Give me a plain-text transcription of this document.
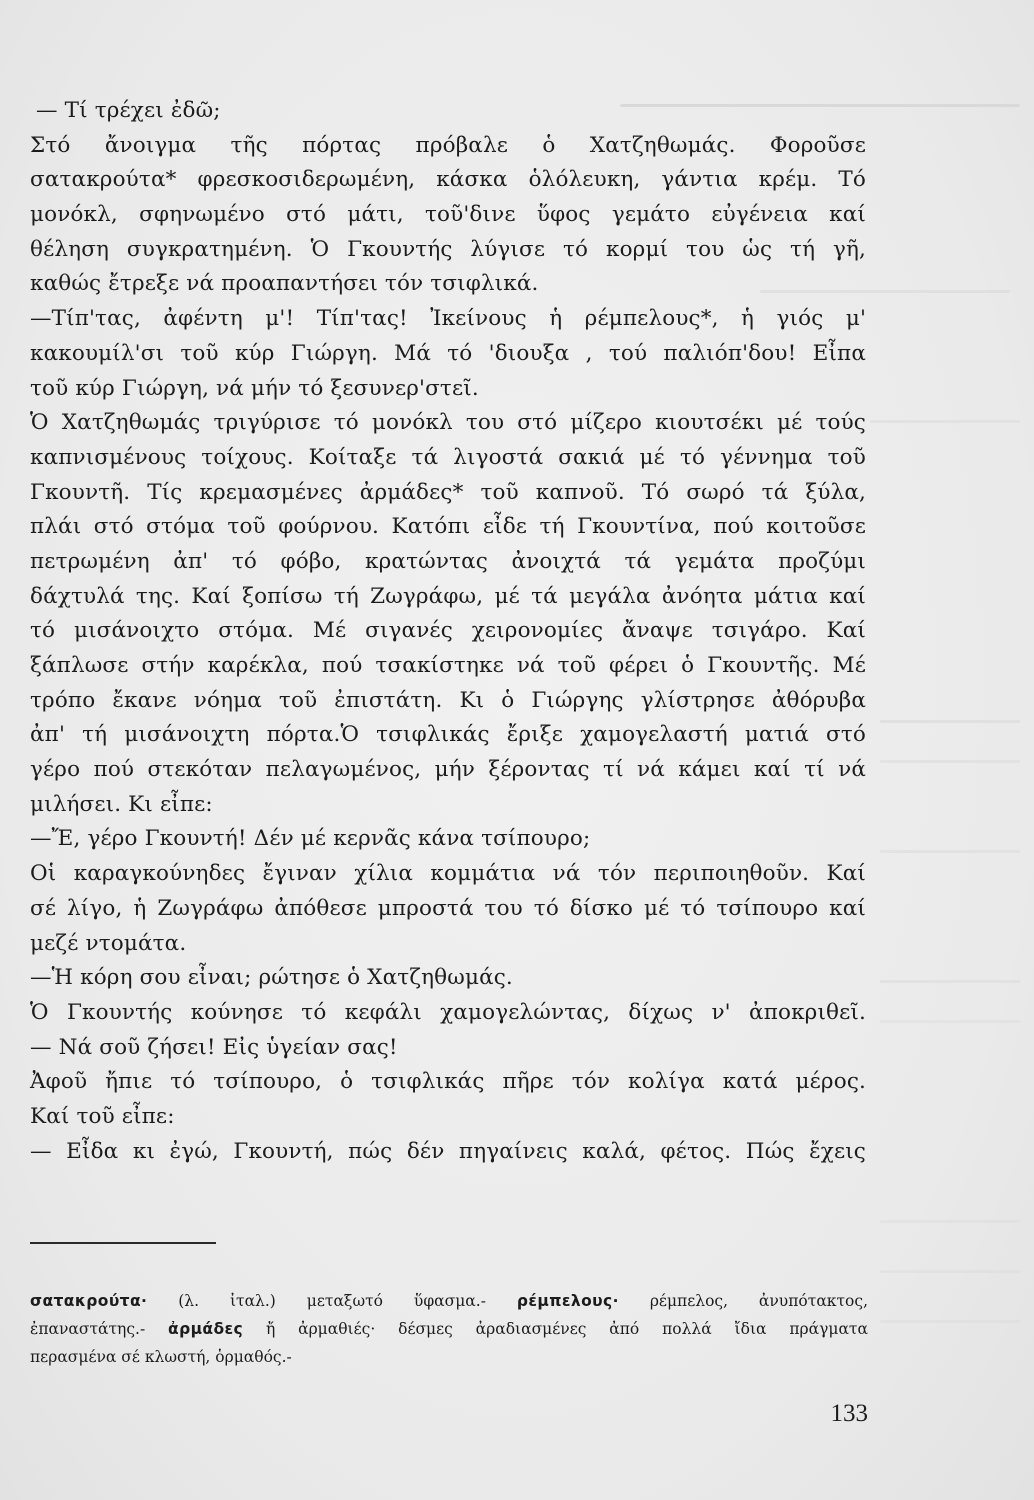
— Τί τρέχει ἐδῶ;
Στό ἄνοιγμα τῆς πόρτας πρόβαλε ὁ Χατζηθωμάς. Φοροῦσε
σατακρούτα* φρεσκοσιδερωμένη, κάσκα ὁλόλευκη, γάντια κρέμ. Τό
μονόκλ, σφηνωμένο στό μάτι, τοῦ'δινε ὕφος γεμάτο εὐγένεια καί
θέληση συγκρατημένη. Ὁ Γκουντής λύγισε τό κορμί του ὡς τή γῆ,
καθώς ἔτρεξε νά προαπαντήσει τόν τσιφλικά.
—Τίπ'τας, ἀφέντη μ'! Τίπ'τας! Ἰκείνους ἡ ρέμπελους*, ἡ γιός μ'
κακουμίλ'σι τοῦ κύρ Γιώργη. Μά τό 'διουξα , τού παλιόπ'δου! Εἶπα
τοῦ κύρ Γιώργη, νά μήν τό ξεσυνερ'στεῖ.
Ὁ Χατζηθωμάς τριγύρισε τό μονόκλ του στό μίζερο κιουτσέκι μέ τούς
καπνισμένους τοίχους. Κοίταξε τά λιγοστά σακιά μέ τό γέννημα τοῦ
Γκουντῆ. Τίς κρεμασμένες ἀρμάδες* τοῦ καπνοῦ. Τό σωρό τά ξύλα,
πλάι στό στόμα τοῦ φούρνου. Κατόπι εἶδε τή Γκουντίνα, πού κοιτοῦσε
πετρωμένη ἀπ' τό φόβο, κρατώντας ἀνοιχτά τά γεμάτα προζύμι
δάχτυλά της. Καί ξοπίσω τή Ζωγράφω, μέ τά μεγάλα ἀνόητα μάτια καί
τό μισάνοιχτο στόμα. Μέ σιγανές χειρονομίες ἄναψε τσιγάρο. Καί
ξάπλωσε στήν καρέκλα, πού τσακίστηκε νά τοῦ φέρει ὁ Γκουντῆς. Μέ
τρόπο ἔκανε νόημα τοῦ ἐπιστάτη. Κι ὁ Γιώργης γλίστρησε ἀθόρυβα
ἀπ' τή μισάνοιχτη πόρτα.Ὁ τσιφλικάς ἔριξε χαμογελαστή ματιά στό
γέρο πού στεκόταν πελαγωμένος, μήν ξέροντας τί νά κάμει καί τί νά
μιλήσει. Κι εἶπε:
—Ἔ, γέρο Γκουντή! Δέν μέ κερνᾶς κάνα τσίπουρο;
Οἱ καραγκούνηδες ἔγιναν χίλια κομμάτια νά τόν περιποιηθοῦν. Καί
σέ λίγο, ἡ Ζωγράφω ἀπόθεσε μπροστά του τό δίσκο μέ τό τσίπουρο καί
μεζέ ντομάτα.
—Ἡ κόρη σου εἶναι; ρώτησε ὁ Χατζηθωμάς.
Ὁ Γκουντής κούνησε τό κεφάλι χαμογελώντας, δίχως ν' ἀποκριθεῖ.
— Νά σοῦ ζήσει! Εἰς ὑγείαν σας!
Ἀφοῦ ἤπιε τό τσίπουρο, ὁ τσιφλικάς πῆρε τόν κολίγα κατά μέρος.
Καί τοῦ εἶπε:
— Εἶδα κι ἐγώ, Γκουντή, πώς δέν πηγαίνεις καλά, φέτος. Πώς ἔχεις
σατακρούτα· (λ. ἰταλ.) μεταξωτό ὕφασμα.- ρέμπελους· ρέμπελος, ἀνυπότακτος,
ἐπαναστάτης.- ἀρμάδες ἤ ἀρμαθιές· δέσμες ἀραδιασμένες ἀπό πολλά ἴδια πράγματα
περασμένα σέ κλωστή, ὁρμαθός.-
133
